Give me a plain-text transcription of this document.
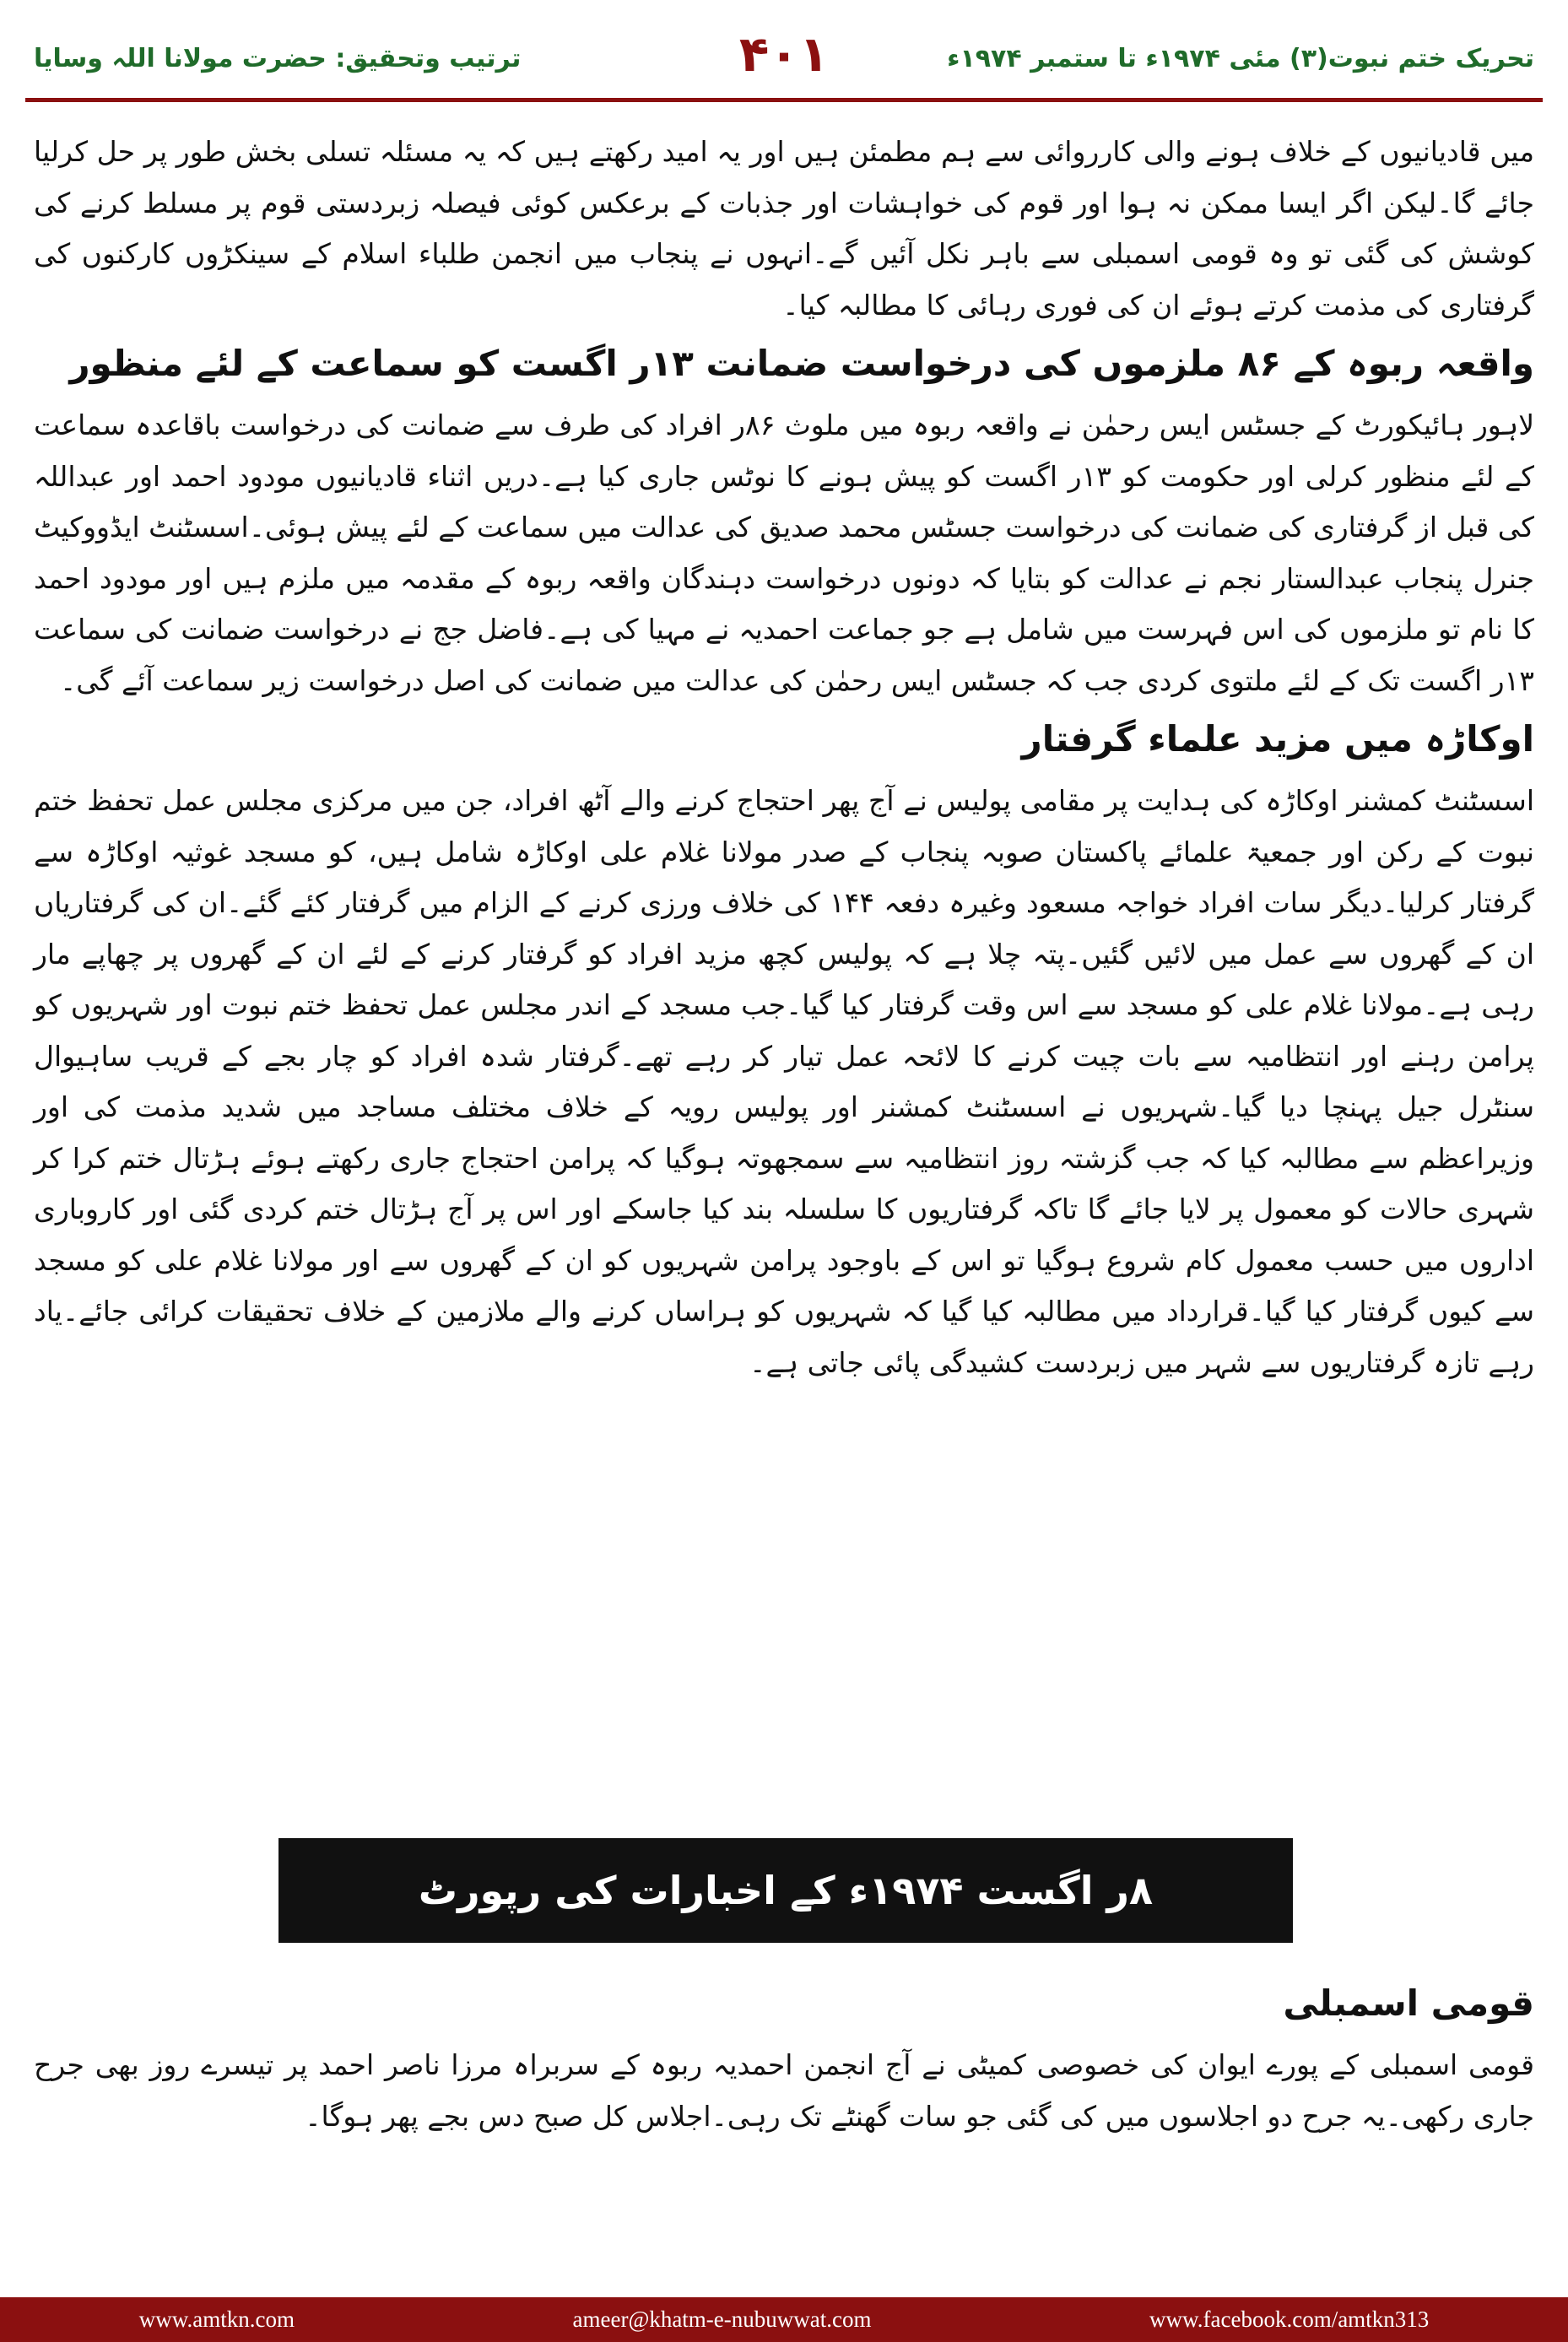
ترتیب وتحقیق: حضرت مولانا اللہ وسایا	۴۰۱	تحریک ختم نبوت(۳) مئی ۱۹۷۴ء تا ستمبر ۱۹۷۴ء

میں قادیانیوں کے خلاف ہونے والی کارروائی سے ہم مطمئن ہیں اور یہ امید رکھتے ہیں کہ یہ مسئلہ تسلی بخش طور پر حل کرلیا جائے گا۔لیکن اگر ایسا ممکن نہ ہوا اور قوم کی خواہشات اور جذبات کے برعکس کوئی فیصلہ زبردستی قوم پر مسلط کرنے کی کوشش کی گئی تو وہ قومی اسمبلی سے باہر نکل آئیں گے۔انہوں نے پنجاب میں انجمن طلباء اسلام کے سینکڑوں کارکنوں کی گرفتاری کی مذمت کرتے ہوئے ان کی فوری رہائی کا مطالبہ کیا۔

واقعہ ربوہ کے ۸۶ ملزموں کی درخواست ضمانت ۱۳ر اگست کو سماعت کے لئے منظور

لاہور ہائیکورٹ کے جسٹس ایس رحمٰن نے واقعہ ربوہ میں ملوث ۸۶ر افراد کی طرف سے ضمانت کی درخواست باقاعدہ سماعت کے لئے منظور کرلی اور حکومت کو ۱۳ر اگست کو پیش ہونے کا نوٹس جاری کیا ہے۔دریں اثناء قادیانیوں مودود احمد اور عبداللہ کی قبل از گرفتاری کی ضمانت کی درخواست جسٹس محمد صدیق کی عدالت میں سماعت کے لئے پیش ہوئی۔اسسٹنٹ ایڈووکیٹ جنرل پنجاب عبدالستار نجم نے عدالت کو بتایا کہ دونوں درخواست دہندگان واقعہ ربوہ کے مقدمہ میں ملزم ہیں اور مودود احمد کا نام تو ملزموں کی اس فہرست میں شامل ہے جو جماعت احمدیہ نے مہیا کی ہے۔فاضل جج نے درخواست ضمانت کی سماعت ۱۳ر اگست تک کے لئے ملتوی کردی جب کہ جسٹس ایس رحمٰن کی عدالت میں ضمانت کی اصل درخواست زیر سماعت آئے گی۔

اوکاڑہ میں مزید علماء گرفتار

اسسٹنٹ کمشنر اوکاڑہ کی ہدایت پر مقامی پولیس نے آج پھر احتجاج کرنے والے آٹھ افراد، جن میں مرکزی مجلس عمل تحفظ ختم نبوت کے رکن اور جمعیۃ علمائے پاکستان صوبہ پنجاب کے صدر مولانا غلام علی اوکاڑہ شامل ہیں، کو مسجد غوثیہ اوکاڑہ سے گرفتار کرلیا۔دیگر سات افراد خواجہ مسعود وغیرہ دفعہ ۱۴۴ کی خلاف ورزی کرنے کے الزام میں گرفتار کئے گئے۔ان کی گرفتاریاں ان کے گھروں سے عمل میں لائیں گئیں۔پتہ چلا ہے کہ پولیس کچھ مزید افراد کو گرفتار کرنے کے لئے ان کے گھروں پر چھاپے مار رہی ہے۔مولانا غلام علی کو مسجد سے اس وقت گرفتار کیا گیا۔جب مسجد کے اندر مجلس عمل تحفظ ختم نبوت اور شہریوں کو پرامن رہنے اور انتظامیہ سے بات چیت کرنے کا لائحہ عمل تیار کر رہے تھے۔گرفتار شدہ افراد کو چار بجے کے قریب ساہیوال سنٹرل جیل پہنچا دیا گیا۔شہریوں نے اسسٹنٹ کمشنر اور پولیس رویہ کے خلاف مختلف مساجد میں شدید مذمت کی اور وزیراعظم سے مطالبہ کیا کہ جب گزشتہ روز انتظامیہ سے سمجھوتہ ہوگیا کہ پرامن احتجاج جاری رکھتے ہوئے ہڑتال ختم کرا کر شہری حالات کو معمول پر لایا جائے گا تاکہ گرفتاریوں کا سلسلہ بند کیا جاسکے اور اس پر آج ہڑتال ختم کردی گئی اور کاروباری اداروں میں حسب معمول کام شروع ہوگیا تو اس کے باوجود پرامن شہریوں کو ان کے گھروں سے اور مولانا غلام علی کو مسجد سے کیوں گرفتار کیا گیا۔قرارداد میں مطالبہ کیا گیا کہ شہریوں کو ہراساں کرنے والے ملازمین کے خلاف تحقیقات کرائی جائے۔یاد رہے تازہ گرفتاریوں سے شہر میں زبردست کشیدگی پائی جاتی ہے۔

۸ر اگست ۱۹۷۴ء کے اخبارات کی رپورٹ
قومی اسمبلی

قومی اسمبلی کے پورے ایوان کی خصوصی کمیٹی نے آج انجمن احمدیہ ربوہ کے سربراہ مرزا ناصر احمد پر تیسرے روز بھی جرح جاری رکھی۔یہ جرح دو اجلاسوں میں کی گئی جو سات گھنٹے تک رہی۔اجلاس کل صبح دس بجے پھر ہوگا۔

www.amtkn.com	ameer@khatm-e-nubuwwat.com	www.facebook.com/amtkn313
